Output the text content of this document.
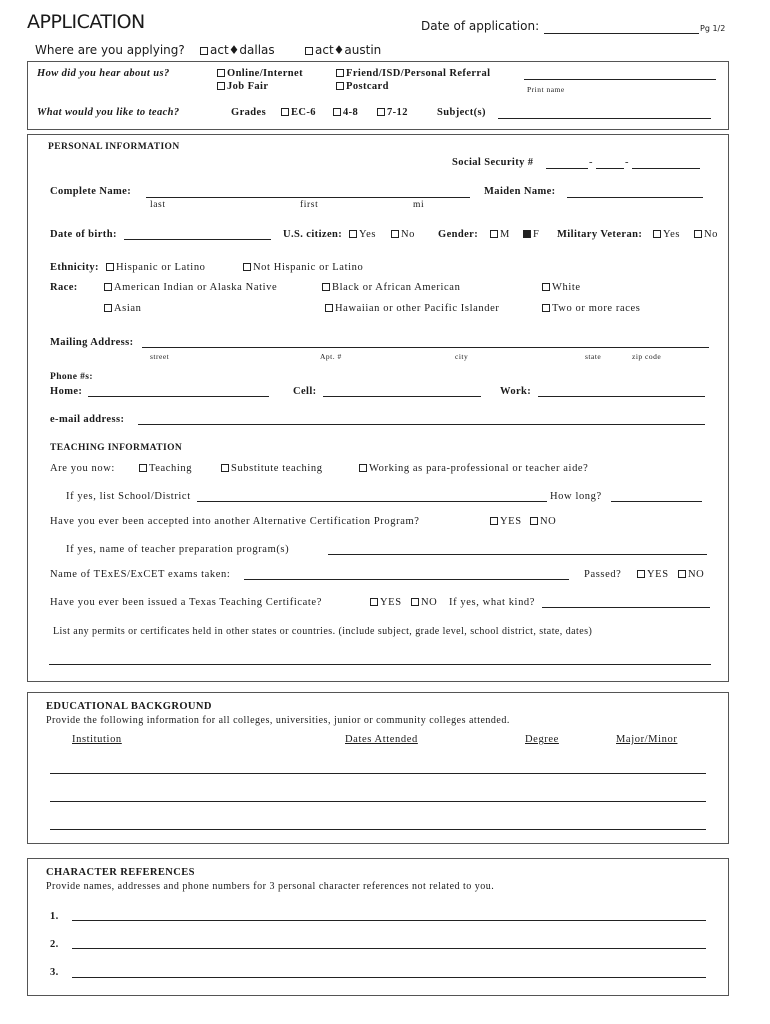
APPLICATION	Date of application:	Pg 1/2
Where are you applying?	act♦dallas	act♦austin
How did you hear about us?	Online/Internet
Job Fair
Friend/ISD/Personal Referral
Postcard	Print name
What would you like to teach?	Grades	EC-6	4-8	7-12	Subject(s)
PERSONAL INFORMATION
Social Security #	-	-
Complete Name:
last	first	mi
Maiden Name:
Date of birth:	U.S. citizen:	Yes	No Gender:	M	F Military Veteran:	Yes	No
Ethnicity:	Hispanic or Latino	Not Hispanic or Latino
Race:	American Indian or Alaska Native	Black or African American	White
Asian	Hawaiian or other Pacific Islander	Two or more races
Mailing Address:
street	Apt. #	city	state	zip code
Phone #s:
Home:	Cell:	Work:
e-mail address:
TEACHING INFORMATION
Are you now:	Teaching	Substitute teaching	Working as para-professional or teacher aide?
If yes, list School/District	How long?
Have you ever been accepted into another Alternative Certification Program?	YES	NO
If yes, name of teacher preparation program(s)
Name of TExES/ExCET exams taken:	Passed?	YES	NO
Have you ever been issued a Texas Teaching Certificate?	YES	NO If yes, what kind?
List any permits or certificates held in other states or countries. (include subject, grade level, school district, state, dates)
EDUCATIONAL BACKGROUND
Provide the following information for all colleges, universities, junior or community colleges attended.
Institution	Dates Attended	Degree	Major/Minor
CHARACTER REFERENCES
Provide names, addresses and phone numbers for 3 personal character references not related to you.
1.
2.
3.
